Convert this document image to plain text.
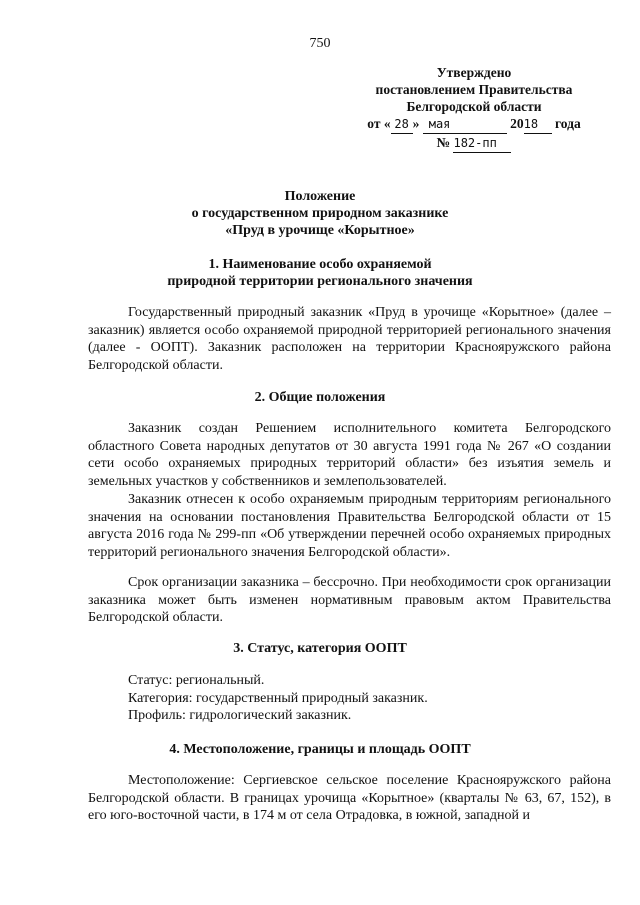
750
Утверждено
постановлением Правительства
Белгородской области
от « 28 » мая	2018 года
№ 182-пп
Положение
о государственном природном заказнике
«Пруд в урочище «Корытное»
1. Наименование особо охраняемой
природной территории регионального значения
Государственный природный заказник «Пруд в урочище «Корытное» (далее – заказник) является особо охраняемой природной территорией регионального значения (далее - ООПТ). Заказник расположен на территории Краснояружского района Белгородской области.
2. Общие положения
Заказник создан Решением исполнительного комитета Белгородского областного Совета народных депутатов от 30 августа 1991 года № 267 «О создании сети особо охраняемых природных территорий области» без изъятия земель и земельных участков у собственников и землепользователей.
Заказник отнесен к особо охраняемым природным территориям регионального значения на основании постановления Правительства Белгородской области от 15 августа 2016 года № 299-пп «Об утверждении перечней особо охраняемых природных территорий регионального значения Белгородской области».
Срок организации заказника – бессрочно. При необходимости срок организации заказника может быть изменен нормативным правовым актом Правительства Белгородской области.
3. Статус, категория ООПТ
Статус: региональный.
Категория: государственный природный заказник.
Профиль: гидрологический заказник.
4. Местоположение, границы и площадь ООПТ
Местоположение: Сергиевское сельское поселение Краснояружского района Белгородской области. В границах урочища «Корытное» (кварталы № 63, 67, 152), в его юго-восточной части, в 174 м от села Отрадовка, в южной, западной и
